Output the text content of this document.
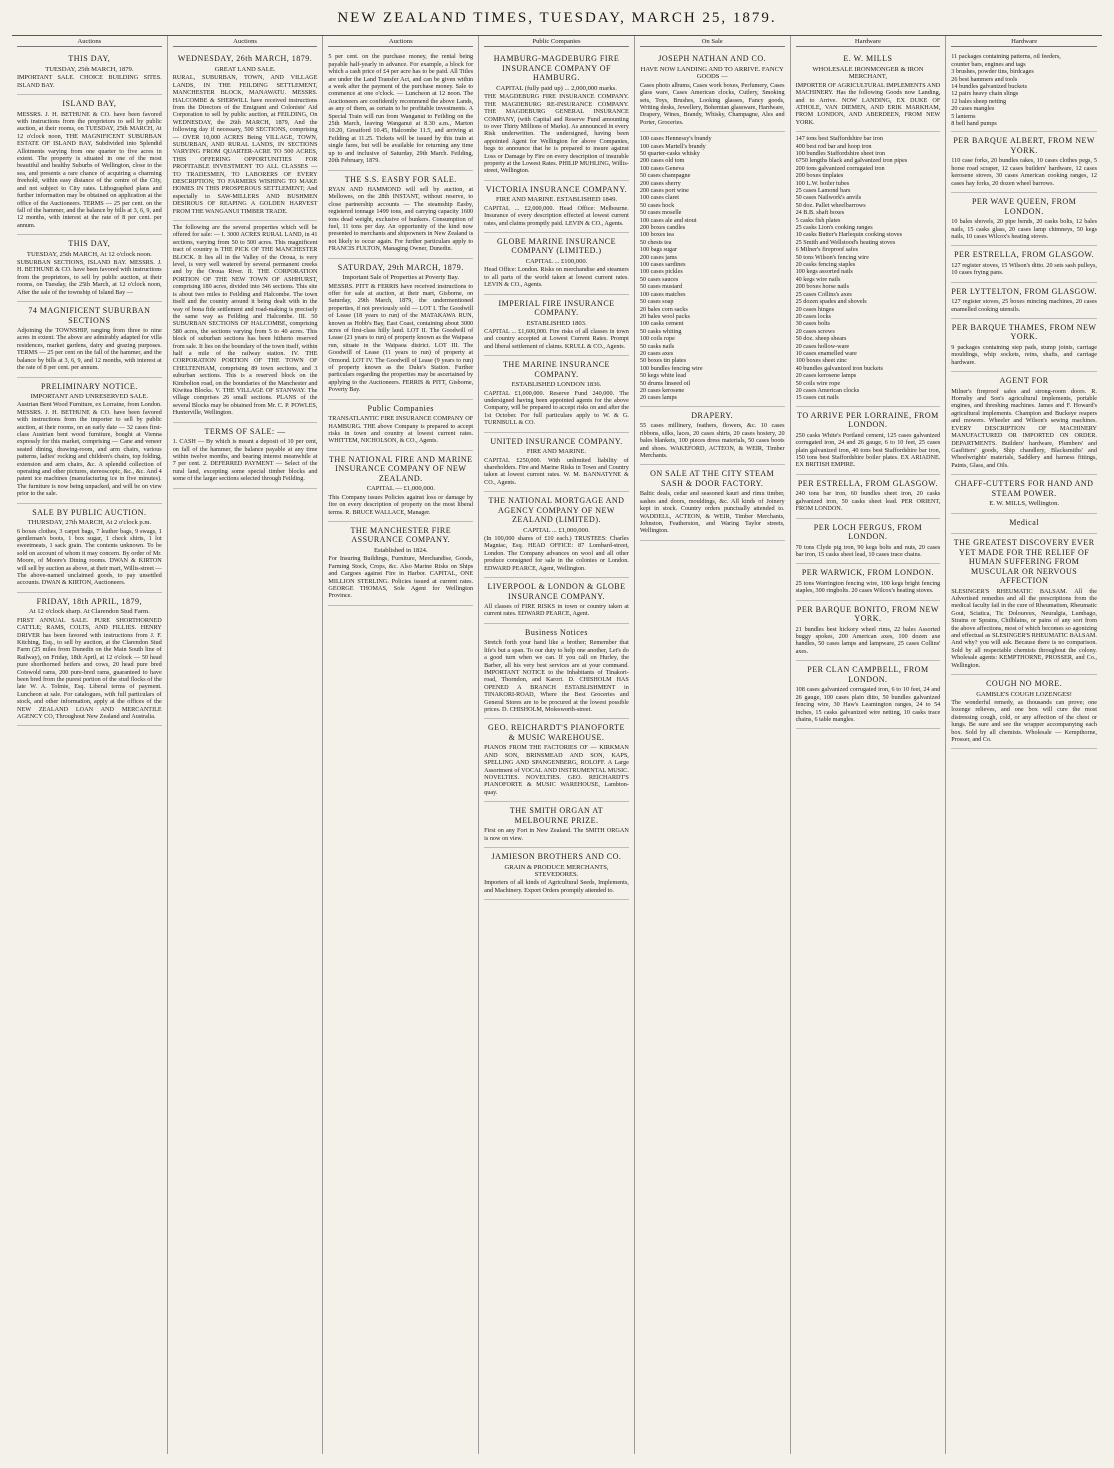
NEW ZEALAND TIMES, TUESDAY, MARCH 25, 1879.
Auctions
THIS DAY,
TUESDAY, 25th MARCH, 1879.

IMPORTANT SALE. CHOICE BUILDING SITES. ISLAND BAY.

ISLAND BAY,

MESSRS. J. H. BETHUNE & CO. have been favored with instructions from the proprietors to sell by public auction, at their rooms, on TUESDAY, 25th MARCH, At 12 o'clock noon, THE MAGNIFICENT SUBURBAN ESTATE OF ISLAND BAY, Subdivided into Splendid Allotments varying from one quarter to five acres in extent. The property is situated in one of the most beautiful and healthy Suburbs of Wellington, close to the sea, and presents a rare chance of acquiring a charming freehold, within easy distance of the centre of the City, and not subject to City rates. Lithographed plans and further information may be obtained on application at the office of the Auctioneers. TERMS — 25 per cent. on the fall of the hammer, and the balance by bills at 3, 6, 9, and 12 months, with interest at the rate of 8 per cent. per annum.

THIS DAY,
TUESDAY, 25th MARCH, At 12 o'clock noon.

SUBURBAN SECTIONS, ISLAND BAY. MESSRS. J. H. BETHUNE & CO. have been favored with instructions from the proprietors, to sell by public auction, at their rooms, on Tuesday, the 25th March, at 12 o'clock noon, After the sale of the township of Island Bay —

74 MAGNIFICENT SUBURBAN SECTIONS

Adjoining the TOWNSHIP, ranging from three to nine acres in extent. The above are admirably adapted for villa residences, market gardens, dairy and grazing purposes. TERMS — 25 per cent on the fall of the hammer, and the balance by bills at 3, 6, 9, and 12 months, with interest at the rate of 8 per cent. per annum.

PRELIMINARY NOTICE.
IMPORTANT AND UNRESERVED SALE.

Austrian Bent Wood Furniture, ex Lorraine, from London. MESSRS. J. H. BETHUNE & CO. have been favored with instructions from the importer to sell by public auction, at their rooms, on an early date — 32 cases first-class Austrian bent wood furniture, bought at Vienna expressly for this market, comprising — Cane and veneer seated dining, drawing-room, and arm chairs, various patterns, ladies' rocking and children's chairs, top folding, extension and arm chairs, &c. A splendid collection of operating and other pictures, stereoscopic, &c., &c. And 4 patent ice machines (manufacturing ice in five minutes). The furniture is now being unpacked, and will be on view prior to the sale.

SALE BY PUBLIC AUCTION.
THURSDAY, 27th MARCH, At 2 o'clock p.m.

6 boxes clothes, 3 carpet bags, 7 leather bags, 9 swags, 1 gentleman's boots, 1 box sugar, 1 check shirts, 1 lot sweetmeats, 1 sack grain. The contents unknown. To be sold on account of whom it may concern. By order of Mr. Moore, of Moore's Dining rooms. DWAN & KIRTON will sell by auction as above, at their mart, Willis-street — The above-named unclaimed goods, to pay unsettled accounts. DWAN & KIRTON, Auctioneers.

FRIDAY, 18th APRIL, 1879,
At 12 o'clock sharp. At Clarendon Stud Farm.

FIRST ANNUAL SALE. PURE SHORTHORNED CATTLE; RAMS, COLTS, AND FILLIES. HENRY DRIVER has been favored with instructions from J. F. Kitching, Esq., to sell by auction, at the Clarendon Stud Farm (25 miles from Dunedin on the Main South line of Railway), on Friday, 18th April, at 12 o'clock — 50 head pure shorthorned heifers and cows, 20 head pure bred Cotswold rams, 200 pure-bred rams, guaranteed to have been bred from the purest portion of the stud flocks of the late W. A. Tolmie, Esq. Liberal terms of payment. Luncheon at sale. For catalogues, with full particulars of stock, and other information, apply at the offices of the NEW ZEALAND LOAN AND MERCANTILE AGENCY CO, Throughout New Zealand and Australia.

Auctions
WEDNESDAY, 26th MARCH, 1879.
GREAT LAND SALE.

RURAL, SUBURBAN, TOWN, AND VILLAGE LANDS, IN THE FEILDING SETTLEMENT, MANCHESTER BLOCK, MANAWATU. MESSRS. HALCOMBE & SHERWILL have received instructions from the Directors of the Emigrant and Colonists' Aid Corporation to sell by public auction, at FEILDING, On WEDNESDAY, the 26th MARCH, 1879, And the following day if necessary, 500 SECTIONS, comprising — OVER 10,000 ACRES Being VILLAGE, TOWN, SUBURBAN, AND RURAL LANDS, IN SECTIONS VARYING FROM QUARTER-ACRE TO 500 ACRES, THIS OFFERING OPPORTUNITIES FOR PROFITABLE INVESTMENT TO ALL CLASSES — TO TRADESMEN, TO LABORERS OF EVERY DESCRIPTION; TO FARMERS WISHING TO MAKE HOMES IN THIS PROSPEROUS SETTLEMENT; And especially to SAW-MILLERS AND BUSHMEN DESIROUS OF REAPING A GOLDEN HARVEST FROM THE WANGANUI TIMBER TRADE.

The following are the several properties which will be offered for sale: — I. 3000 ACRES RURAL LAND, in 41 sections, varying from 50 to 500 acres. This magnificent tract of country is THE PICK OF THE MANCHESTER BLOCK. It lies all in the Valley of the Oroua, is very level, is very well watered by several permanent creeks and by the Oroua River. II. THE CORPORATION PORTION OF THE NEW TOWN OF ASHHURST, comprising 180 acres, divided into 346 sections. This site is about two miles to Feilding and Halcombe. The town itself and the country around it being dealt with in the way of bona fide settlement and road-making is precisely the same way as Feilding and Halcombe. III. 50 SUBURBAN SECTIONS OF HALCOMBE, comprising 580 acres, the sections varying from 5 to 40 acres. This block of suburban sections has been hitherto reserved from sale. It lies on the boundary of the town itself, within half a mile of the railway station. IV. THE CORPORATION PORTION OF THE TOWN OF CHELTENHAM, comprising 89 town sections, and 3 suburban sections. This is a reserved block on the Kimbolton road, on the boundaries of the Manchester and Kiwitea Blocks. V. THE VILLAGE OF STANWAY. The village comprises 26 small sections. PLANS of the several Blocks may be obtained from Mr. C. P. POWLES, Hunterville, Wellington.

TERMS OF SALE: —

1. CASH — By which is meant a deposit of 10 per cent, on fall of the hammer, the balance payable at any time within twelve months, and bearing interest meanwhile at 7 per cent. 2. DEFERRED PAYMENT — Select of the rural land, excepting some special timber blocks and some of the larger sections selected through Feilding.

Auctions

5 per cent. on the purchase money, the rental being payable half-yearly in advance. For example, a block for which a cash price of £4 per acre has to be paid. All Titles are under the Land Transfer Act, and can be given within a week after the payment of the purchase money. Sale to commence at one o'clock. — Luncheon at 12 noon. The Auctioneers are confidently recommend the above Lands, as any of them, as certain to be profitable investments. A Special Train will run from Wanganui to Feilding on the 25th March, leaving Wanganui at 8.30 a.m., Marton 10.20, Greatford 10.45, Halcombe 11.5, and arriving at Feilding at 11.25. Tickets will be issued by this train at single fares, but will be available for returning any time up to and inclusive of Saturday, 29th March. Feilding, 20th February, 1879.

THE S.S. EASBY FOR SALE.

RYAN AND HAMMOND will sell by auction, at Mellowes, on the 28th INSTANT, without reserve, to close partnership accounts — The steamship Easby, registered tonnage 1499 tons, and carrying capacity 1600 tons dead weight, exclusive of bunkers. Consumption of fuel, 11 tons per day. An opportunity of the kind now presented to merchants and shipowners in New Zealand is not likely to occur again. For further particulars apply to FRANCIS FULTON, Managing Owner, Dunedin.

SATURDAY, 29th MARCH, 1879.
Important Sale of Properties at Poverty Bay.

MESSRS. PITT & FERRIS have received instructions to offer for sale at auction, at their mart, Gisborne, on Saturday, 29th March, 1879, the undermentioned properties, if not previously sold — LOT I. The Goodwill of Lease (18 years to run) of the MATAKAWA RUN, known as Hobb's Bay, East Coast, containing about 3000 acres of first-class hilly land. LOT II. The Goodwill of Lease (21 years to run) of property known as the Waipaoa run, situate in the Waipaoa district. LOT III. The Goodwill of Lease (11 years to run) of property at Ormond. LOT IV. The Goodwill of Lease (9 years to run) of property known as the Duke's Station. Further particulars regarding the properties may be ascertained by applying to the Auctioneers. FERRIS & PITT, Gisborne, Poverty Bay.

Public Companies

TRANSATLANTIC FIRE INSURANCE COMPANY OF HAMBURG. THE above Company is prepared to accept risks in town and country at lowest current rates. WHITTEM, NICHOLSON, & CO., Agents.

THE NATIONAL FIRE AND MARINE INSURANCE COMPANY OF NEW ZEALAND.
CAPITAL — £1,000,000.

This Company issues Policies against loss or damage by fire on every description of property on the most liberal terms. R. BRUCE WALLACE, Manager.

THE MANCHESTER FIRE ASSURANCE COMPANY.
Established in 1824.

For Insuring Buildings, Furniture, Merchandise, Goods, Farming Stock, Crops, &c. Also Marine Risks on Ships and Cargoes against Fire in Harbor. CAPITAL, ONE MILLION STERLING. Policies issued at current rates. GEORGE THOMAS, Sole Agent for Wellington Province.

Public Companies
HAMBURG-MAGDEBURG FIRE INSURANCE COMPANY OF HAMBURG.
CAPITAL (fully paid up) ... 2,000,000 marks.

THE MAGDEBURG FIRE INSURANCE COMPANY. THE MAGDEBURG RE-INSURANCE COMPANY. THE MAGDEBURG GENERAL INSURANCE COMPANY, (with Capital and Reserve Fund amounting to over Thirty Millions of Marks). As announced in every Risk underwritten. The undersigned, having been appointed Agent for Wellington for above Companies, begs to announce that he is prepared to insure against Loss or Damage by Fire on every description of insurable property at the Lowest Rates. PHILIP MUHLING, Willis-street, Wellington.

VICTORIA INSURANCE COMPANY.
FIRE AND MARINE. ESTABLISHED 1849.

CAPITAL ... £2,000,000. Head Office: Melbourne. Insurance of every description effected at lowest current rates, and claims promptly paid. LEVIN & CO., Agents.

GLOBE MARINE INSURANCE COMPANY (LIMITED.)
CAPITAL ... £100,000.

Head Office: London. Risks on merchandise and steamers to all parts of the world taken at lowest current rates. LEVIN & CO., Agents.

IMPERIAL FIRE INSURANCE COMPANY.
ESTABLISHED 1803.

CAPITAL ... £1,600,000. Fire risks of all classes in town and country accepted at Lowest Current Rates. Prompt and liberal settlement of claims. KRULL & CO., Agents.

THE MARINE INSURANCE COMPANY.
ESTABLISHED LONDON 1836.

CAPITAL £1,000,000. Reserve Fund 240,000. The undersigned having been appointed agents for the above Company, will be prepared to accept risks on and after the 1st October. For full particulars apply to W. & G. TURNBULL & CO.

UNITED INSURANCE COMPANY.
FIRE AND MARINE.

CAPITAL £250,000. With unlimited liability of shareholders. Fire and Marine Risks in Town and Country taken at lowest current rates. W. M. BANNATYNE & CO., Agents.

THE NATIONAL MORTGAGE AND AGENCY COMPANY OF NEW ZEALAND (LIMITED).
CAPITAL ... £1,000,000.

(In 100,000 shares of £10 each.) TRUSTEES: Charles Magniac, Esq. HEAD OFFICE: 87 Lombard-street, London. The Company advances on wool and all other produce consigned for sale in the colonies or London. EDWARD PEARCE, Agent, Wellington.

LIVERPOOL & LONDON & GLOBE INSURANCE COMPANY.

All classes of FIRE RISKS in town or country taken at current rates. EDWARD PEARCE, Agent.

Business Notices

Stretch forth your hand like a brother; Remember that life's but a span. To our duty to help one another, Let's do a good turn when we can. If you call on Hurley, the Barber, all his very best services are at your command. IMPORTANT NOTICE to the Inhabitants of Tinakori-road, Thorndon, and Karori. D. CHISHOLM HAS OPENED A BRANCH ESTABLISHMENT in TINAKORI-ROAD, Where the Best Groceries and General Stores are to be procured at the lowest possible prices. D. CHISHOLM, Molesworth-street.

GEO. REICHARDT'S PIANOFORTE & MUSIC WAREHOUSE.

PIANOS FROM THE FACTORIES OF — KIRKMAN AND SON, BRINSMEAD AND SON, KAPS, SPELLING AND SPANGENBERG, ROLOFF. A Large Assortment of VOCAL AND INSTRUMENTAL MUSIC. NOVELTIES. NOVELTIES. GEO. REICHARDT'S PIANOFORTE & MUSIC WAREHOUSE, Lambton-quay.

THE SMITH ORGAN AT MELBOURNE PRIZE.

First on any Fort in New Zealand. The SMITH ORGAN is now on view.

JAMIESON BROTHERS AND CO.
GRAIN & PRODUCE MERCHANTS, STEVEDORES.

Importers of all kinds of Agricultural Seeds, Implements, and Machinery. Export Orders promptly attended to.

On Sale
JOSEPH NATHAN AND CO.
HAVE NOW LANDING AND TO ARRIVE. FANCY GOODS —

Cases photo albums, Cases work boxes, Perfumery, Cases glass ware, Cases American clocks, Cutlery, Smoking sets, Toys, Brushes, Looking glasses, Fancy goods, Writing desks, Jewellery, Bohemian glassware, Hardware, Drapery, Wines, Brandy, Whisky, Champagne, Ales and Porter, Groceries.

100 cases Hennessy's brandy
100 cases Martell's brandy
50 quarter-casks whisky
200 cases old tom
100 cases Geneva
50 cases champagne
200 cases sherry
200 cases port wine
100 cases claret
50 cases hock
50 cases moselle
100 cases ale and stout
200 boxes candles
100 boxes tea
50 chests tea
100 bags sugar
200 cases jams
100 cases sardines
100 cases pickles
50 cases sauces
50 cases mustard
100 cases matches
50 cases soap
20 bales corn sacks
20 bales wool packs
100 casks cement
50 casks whiting
100 coils rope
50 casks nails
20 cases axes
50 boxes tin plates
100 bundles fencing wire
50 kegs white lead
50 drums linseed oil
20 cases kerosene
20 cases lamps
DRAPERY.

55 cases millinery, feathers, flowers, &c. 10 cases ribbons, silks, laces, 20 cases shirts, 20 cases hosiery, 20 bales blankets, 100 pieces dress materials, 50 cases boots and shoes. WAKEFORD, ACTEON, & WEIR, Timber Merchants.

ON SALE AT THE CITY STEAM SASH & DOOR FACTORY.

Baltic deals, cedar and seasoned kauri and rimu timber, sashes and doors, mouldings, &c. All kinds of Joinery kept in stock. Country orders punctually attended to. WADDELL, ACTEON, & WEIR, Timber Merchants, Johnston, Featherston, and Waring Taylor streets, Wellington.

Hardware
E. W. MILLS
WHOLESALE IRONMONGER & IRON MERCHANT,

IMPORTER OF AGRICULTURAL IMPLEMENTS AND MACHINERY. Has the following Goods now Landing, and to Arrive. NOW LANDING, EX DUKE OF ATHOLE, VAN DIEMEN, AND ERIK MARKHAM, FROM LONDON, AND ABERDEEN, FROM NEW YORK.

147 tons best Staffordshire bar iron
400 best rod bar and hoop iron
100 bundles Staffordshire sheet iron
6750 lengths black and galvanized iron pipes
200 tons galvanized corrugated iron
200 boxes tinplates
100 L.W. boiler tubes
25 cases Lamond bars
50 cases Nailwork's anvils
50 doz. Pallet wheelbarrows
24 B.B. shaft boxes
5 casks fish plates
25 casks Lion's cooking ranges
10 casks Butter's Harlequin cooking stoves
25 Smith and Wellstood's heating stoves
6 Milner's fireproof safes
50 tons Wilson's fencing wire
20 casks fencing staples
100 kegs assorted nails
40 kegs wire nails
200 boxes horse nails
25 cases Collins's axes
25 dozen spades and shovels
20 cases hinges
20 cases locks
30 cases bolts
20 cases screws
50 doz. sheep shears
20 cases hollow-ware
10 cases enamelled ware
100 boxes sheet zinc
40 bundles galvanized iron buckets
20 cases kerosene lamps
50 coils wire rope
20 cases American clocks
15 cases cut nails
TO ARRIVE PER LORRAINE, FROM LONDON.

250 casks White's Portland cement, 125 cases galvanized corrugated iron, 24 and 26 gauge, 6 to 10 feet, 25 cases plain galvanized iron, 40 tons best Staffordshire bar iron, 150 tons best Staffordshire boiler plates. EX ARIADNE. EX BRITISH EMPIRE.

PER ESTRELLA, FROM GLASGOW.

240 tons bar iron, 60 bundles sheet iron, 20 casks galvanized iron, 50 casks sheet lead. PER ORIENT, FROM LONDON.

PER LOCH FERGUS, FROM LONDON.

70 tons Clyde pig iron, 90 kegs bolts and nuts, 20 cases bar iron, 15 casks sheet lead, 10 cases trace chains.

PER WARWICK, FROM LONDON.

25 tons Warrington fencing wire, 100 kegs bright fencing staples, 300 ringbolts. 20 cases Wilcox's heating stoves.

PER BARQUE BONITO, FROM NEW YORK.

21 bundles best hickory wheel rims, 22 bales Assorted buggy spokes, 200 American axes, 100 dozen axe handles, 50 cases lamps and lampware, 25 cases Collins' axes.

PER CLAN CAMPBELL, FROM LONDON.

108 cases galvanized corrugated iron, 6 to 10 feet, 24 and 26 gauge, 100 cases plain ditto, 50 bundles galvanized fencing wire, 30 Haw's Leamington ranges, 24 to 54 inches, 15 casks galvanized wire netting, 10 casks trace chains, 6 table mangles.

Hardware
11 packages containing patterns, oil feeders,
counter bars, engines and tags
3 brushes, powder tins, birdcages
26 best hammers and tools
14 bundles galvanized buckets
12 pairs heavy chain slings
12 bales sheep netting
20 cases mangles
5 lanterns
8 bell hand pumps
PER BARQUE ALBERT, FROM NEW YORK.

110 case forks, 20 bundles rakes, 10 cases clothes pegs, 5 horse road scraper, 12 cases builders' hardware, 12 cases kerosene stoves, 30 cases American cooking ranges, 12 cases hay forks, 20 dozen wheel barrows.

PER WAVE QUEEN, FROM LONDON.

10 bales shovels, 20 pipe bends, 20 casks bolts, 12 bales nails, 15 casks glass, 20 cases lamp chimneys, 50 kegs nails, 10 cases Wilcox's heating stoves.

PER ESTRELLA, FROM GLASGOW.

127 register stoves, 15 Wilson's ditto. 20 sets sash pulleys, 10 cases frying pans.

PER LYTTELTON, FROM GLASGOW.

127 register stoves, 25 boxes mincing machines, 20 cases enamelled cooking utensils.

PER BARQUE THAMES, FROM NEW YORK.

9 packages containing step pads, stump joints, carriage mouldings, whip sockets, reins, shafts, and carriage hardware.

AGENT FOR

Milner's fireproof safes and strong-room doors. R. Hornsby and Son's agricultural implements, portable engines, and threshing machines. James and F. Howard's agricultural implements. Champion and Buckeye reapers and mowers. Wheeler and Wilson's sewing machines. EVERY DESCRIPTION OF MACHINERY MANUFACTURED OR IMPORTED ON ORDER. DEPARTMENTS. Builders' hardware, Plumbers' and Gasfitters' goods, Ship chandlery, Blacksmiths' and Wheelwrights' materials, Saddlery and harness fittings, Paints, Glass, and Oils.

CHAFF-CUTTERS FOR HAND AND STEAM POWER.
E. W. MILLS, Wellington.
Medical
THE GREATEST DISCOVERY EVER YET MADE FOR THE RELIEF OF HUMAN SUFFERING FROM MUSCULAR OR NERVOUS AFFECTION

SLESINGER'S RHEUMATIC BALSAM. All the Advertised remedies and all the prescriptions from the medical faculty fail in the cure of Rheumatism, Rheumatic Gout, Sciatica, Tic Doloureux, Neuralgia, Lumbago, Strains or Sprains, Chilblains, or pains of any sort from the above affections, most of which becomes so agonizing and effectual as SLESINGER'S RHEUMATIC BALSAM. And why? you will ask. Because there is no comparison. Sold by all respectable chemists throughout the colony. Wholesale agents: KEMPTHORNE, PROSSER, and Co., Wellington.

COUGH NO MORE.
GAMBLE'S COUGH LOZENGES!

The wonderful remedy, as thousands can prove; one lozenge relieves, and one box will cure the most distressing cough, cold, or any affection of the chest or lungs. Be sure and see the wrapper accompanying each box. Sold by all chemists. Wholesale — Kempthorne, Prosser, and Co.
